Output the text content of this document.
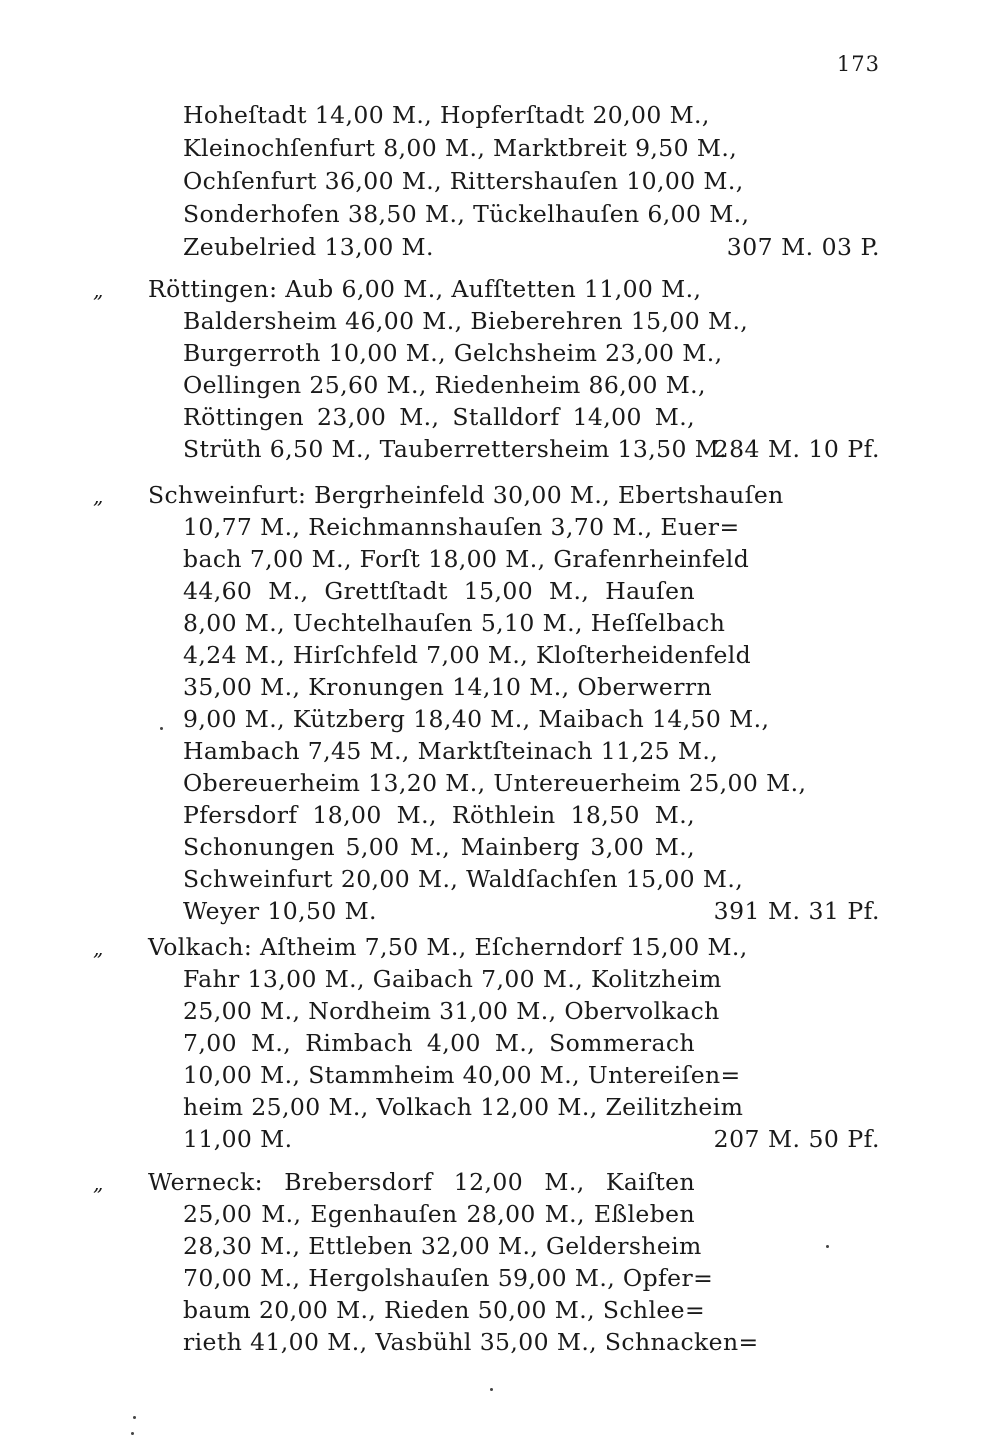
173
Hoheſtadt 14,00 M., Hopferſtadt 20,00 M.,
Kleinochſenfurt 8,00 M., Marktbreit 9,50 M.,
Ochſenfurt 36,00 M., Rittershauſen 10,00 M.,
Sonderhofen 38,50 M., Tückelhauſen 6,00 M.,
Zeubelried 13,00 M.	307 M. 03 P.
„ Röttingen: Aub 6,00 M., Aufſtetten 11,00 M.,
Baldersheim 46,00 M., Bieberehren 15,00 M.,
Burgerroth 10,00 M., Gelchsheim 23,00 M.,
Oellingen 25,60 M., Riedenheim 86,00 M.,
Röttingen 23,00 M., Stalldorf 14,00 M.,
Strüth 6,50 M., Tauberrettersheim 13,50 M.
284 M. 10 Pf.
„ Schweinfurt: Bergrheinfeld 30,00 M., Ebertshauſen
10,77 M., Reichmannshauſen 3,70 M., Euer=
bach 7,00 M., Forſt 18,00 M., Grafenrheinfeld
44,60 M., Grettſtadt 15,00 M., Hauſen
8,00 M., Uechtelhauſen 5,10 M., Heſſelbach
4,24 M., Hirſchfeld 7,00 M., Kloſterheidenfeld
35,00 M., Kronungen 14,10 M., Oberwerrn
9,00 M., Kützberg 18,40 M., Maibach 14,50 M.,
Hambach 7,45 M., Marktſteinach 11,25 M.,
Obereuerheim 13,20 M., Untereuerheim 25,00 M.,
Pfersdorf 18,00 M., Röthlein 18,50 M.,
Schonungen 5,00 M., Mainberg 3,00 M.,
Schweinfurt 20,00 M., Waldſachſen 15,00 M.,
Weyer 10,50 M.	391 M. 31 Pf.
„ Volkach: Aſtheim 7,50 M., Eſcherndorf 15,00 M.,
Fahr 13,00 M., Gaibach 7,00 M., Kolitzheim
25,00 M., Nordheim 31,00 M., Obervolkach
7,00 M., Rimbach 4,00 M., Sommerach
10,00 M., Stammheim 40,00 M., Untereiſen=
heim 25,00 M., Volkach 12,00 M., Zeilitzheim
11,00 M.	207 M. 50 Pf.
„ Werneck: Brebersdorf 12,00 M., Kaiſten
25,00 M., Egenhauſen 28,00 M., Eßleben
28,30 M., Ettleben 32,00 M., Geldersheim
70,00 M., Hergolshauſen 59,00 M., Opfer=
baum 20,00 M., Rieden 50,00 M., Schlee=
rieth 41,00 M., Vasbühl 35,00 M., Schnacken=
